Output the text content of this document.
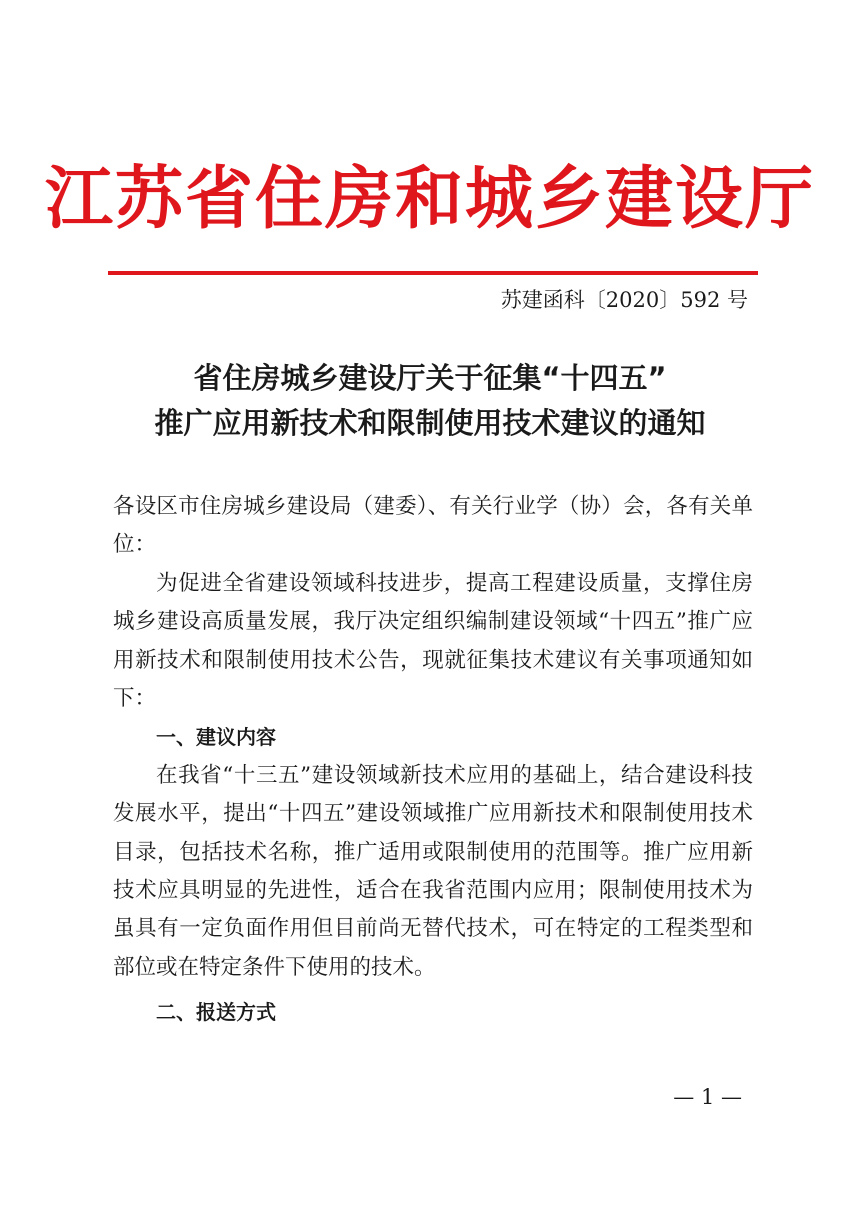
江苏省住房和城乡建设厅
苏建函科〔2020〕592 号
省住房城乡建设厅关于征集“十四五”
推广应用新技术和限制使用技术建议的通知

各设区市住房城乡建设局（建委）、有关行业学（协）会，各有关单位：

为促进全省建设领域科技进步，提高工程建设质量，支撑住房城乡建设高质量发展，我厅决定组织编制建设领域“十四五”推广应用新技术和限制使用技术公告，现就征集技术建议有关事项通知如下：

一、建议内容

在我省“十三五”建设领域新技术应用的基础上，结合建设科技发展水平，提出“十四五”建设领域推广应用新技术和限制使用技术目录，包括技术名称，推广适用或限制使用的范围等。推广应用新技术应具明显的先进性，适合在我省范围内应用；限制使用技术为虽具有一定负面作用但目前尚无替代技术，可在特定的工程类型和部位或在特定条件下使用的技术。

二、报送方式

— 1 —
